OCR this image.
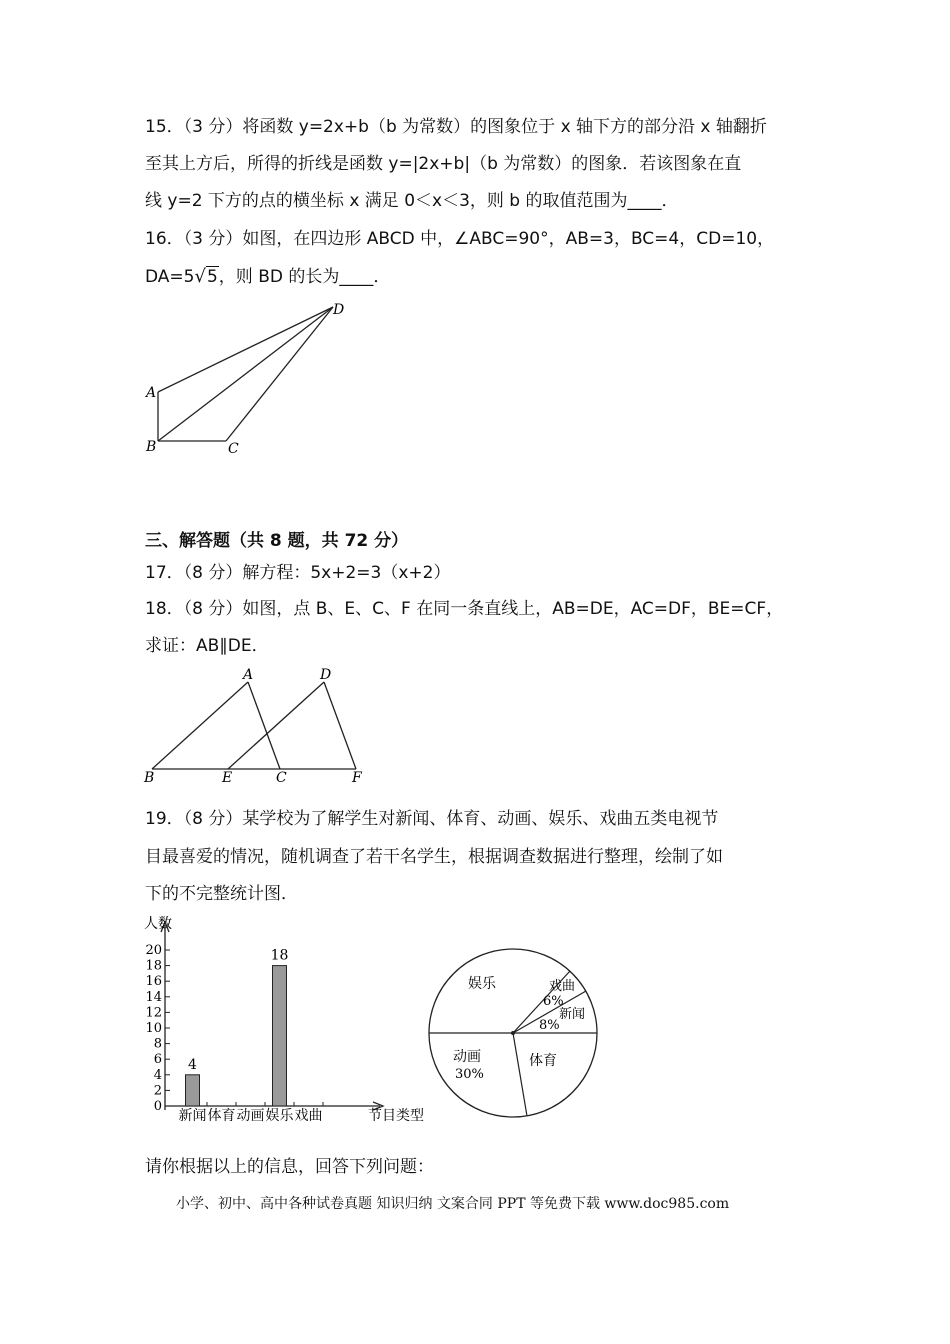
15．（3 分）将函数 y=2x+b（b 为常数）的图象位于 x 轴下方的部分沿 x 轴翻折
至其上方后，所得的折线是函数 y=|2x+b|（b 为常数）的图象．若该图象在直
线 y=2 下方的点的横坐标 x 满足 0＜x＜3，则 b 的取值范围为____．
16．（3 分）如图，在四边形 ABCD 中，∠ABC=90°，AB=3，BC=4，CD=10，
DA=5√5，则 BD 的长为____．
A
B	C
D
三、解答题（共 8 题，共 72 分）
17．（8 分）解方程：5x+2=3（x+2）
18．（8 分）如图，点 B、E、C、F 在同一条直线上，AB=DE，AC=DF，BE=CF，
求证：AB∥DE．
A	D
B	E	C	F
19．（8 分）某学校为了解学生对新闻、体育、动画、娱乐、戏曲五类电视节
目最喜爱的情况，随机调查了若干名学生，根据调查数据进行整理，绘制了如
下的不完整统计图．
人数
节目类型
0
2
4
6
8
10
12
14
16
18
20
4
18
新闻 体育 动画 娱乐 戏曲
娱乐	戏曲
6%
新闻
8%
动画
30%
体育
请你根据以上的信息，回答下列问题：
小学、初中、高中各种试卷真题 知识归纳 文案合同 PPT 等免费下载 www.doc985.com
